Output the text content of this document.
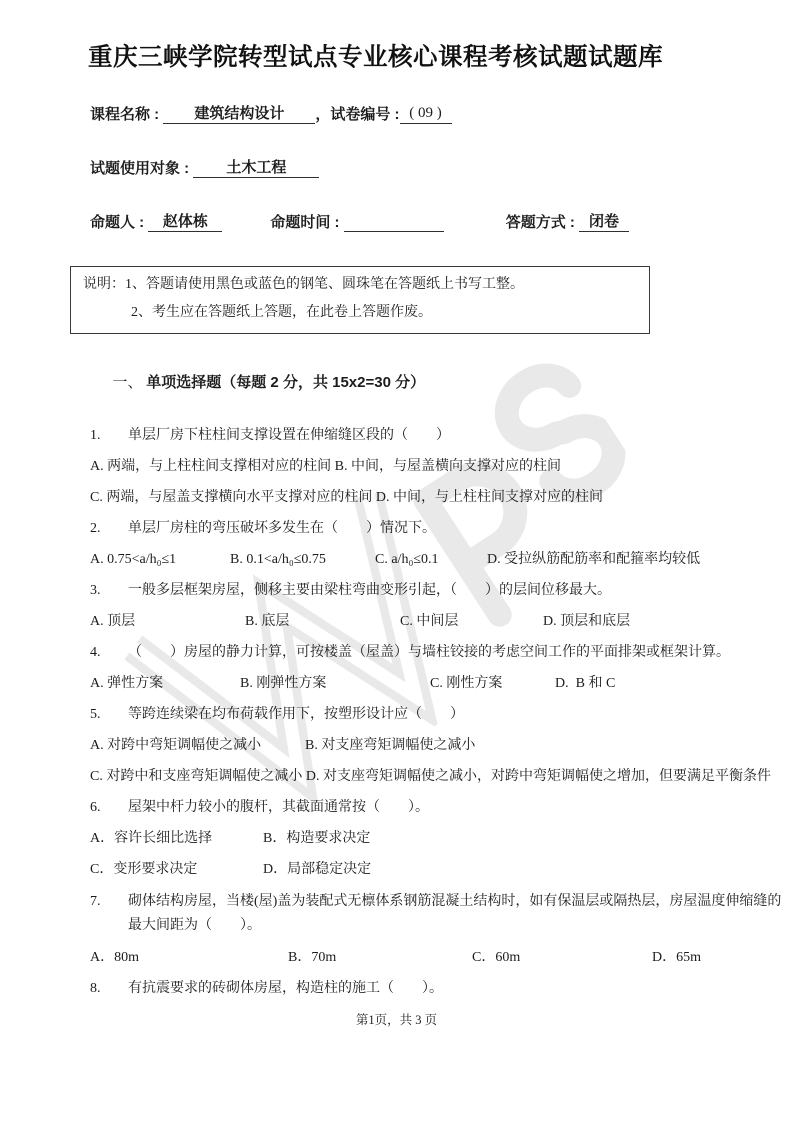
重庆三峡学院转型试点专业核心课程考核试题试题库
课程名称 :	建筑结构设计	，试卷编号 : ( 09 )
试题使用对象 :	土木工程
命题人 : 赵体栋	命题时间 :
	答题方式 : 闭卷
说明：1、答题请使用黑色或蓝色的钢笔、圆珠笔在答题纸上书写工整。
2、考生应在答题纸上答题，在此卷上答题作废。

一、 单项选择题（每题 2 分，共 15x2=30 分）

1.	单层厂房下柱柱间支撑设置在伸缩缝区段的（　　）
A. 两端，与上柱柱间支撑相对应的柱间 B. 中间，与屋盖横向支撑对应的柱间 C. 两端，与屋盖支撑横向水平支撑对应的柱间 D. 中间，与上柱柱间支撑对应的柱间
2.	单层厂房柱的弯压破坏多发生在（　　）情况下。
A. 0.75<a/h₀≤1	B. 0.1<a/h₀≤0.75	C. a/h₀≤0.1	D. 受拉纵筋配筋率和配箍率均较低
3.	一般多层框架房屋，侧移主要由梁柱弯曲变形引起，（　　）的层间位移最大。
A. 顶层	B. 底层	C. 中间层	D. 顶层和底层
4.	（　　）房屋的静力计算，可按楼盖（屋盖）与墙柱铰接的考虑空间工作的平面排架或框架计算。
A. 弹性方案	B. 刚弹性方案	C. 刚性方案	D.  B 和 C
5.	等跨连续梁在均布荷载作用下，按塑形设计应（　　）
A. 对跨中弯矩调幅使之减小	B. 对支座弯矩调幅使之减小
C. 对跨中和支座弯矩调幅使之减小 D. 对支座弯矩调幅使之减小，对跨中弯矩调幅使之增加，但要满足平衡条件
6.	屋架中杆力较小的腹杆，其截面通常按（　　）。
A．容许长细比选择	B．构造要求决定
C．变形要求决定	D．局部稳定决定
7.	砌体结构房屋，当楼(屋)盖为装配式无檩体系钢筋混凝土结构时，如有保温层或隔热层，房屋温度伸缩缝的最大间距为（　　）。
A．80m	B．70m	C．60m	D．65m
8.	有抗震要求的砖砌体房屋，构造柱的施工（　　）。
第1页，共 3 页
